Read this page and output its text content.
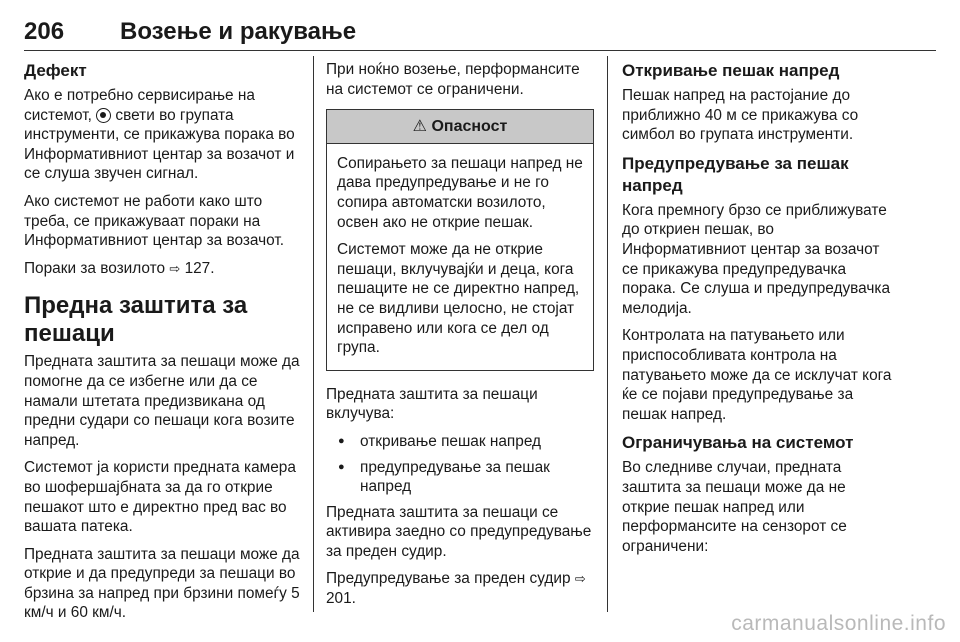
206 Возење и ракување
Дефект

Ако е потребно сервисирање на системот, свети во групата инструменти, се прикажува порака во Информативниот центар за возачот и се слуша звучен сигнал.

Ако системот не работи како што треба, се прикажуваат пораки на Информативниот центар за возачот.

Пораки за возилото ⇨ 127.

Предна заштита за пешаци

Предната заштита за пешаци може да помогне да се избегне или да се намали штетата предизвикана од предни судари со пешаци кога возите напред.

Системот ја користи предната камера во шофершајбната за да го открие пешакот што е директно пред вас во вашата патека.

Предната заштита за пешаци може да открие и да предупреди за пешаци во брзина за напред при брзини помеѓу 5 км/ч и 60 км/ч.

При ноќно возење, перформансите на системот се ограничени.

⚠ Опасност

Сопирањето за пешаци напред не дава предупредување и не го сопира автоматски возилото, освен ако не открие пешак.

Системот може да не открие пешаци, вклучувајќи и деца, кога пешаците не се директно напред, не се видливи целосно, не стојат исправено или кога се дел од група.

Предната заштита за пешаци вклучува:

● откривање пешак напред
● предупредување за пешак напред

Предната заштита за пешаци се активира заедно со предупредување за преден судир.

Предупредување за преден судир ⇨ 201.

Откривање пешак напред

Пешак напред на растојание до приближно 40 м се прикажува со симбол во групата инструменти.

Предупредување за пешак напред

Кога премногу брзо се приближувате до откриен пешак, во Информативниот центар за возачот се прикажува предупредувачка порака. Се слуша и предупредувачка мелодија.

Контролата на патувањето или приспособливата контрола на патувањето може да се исклучат кога ќе се појави предупредување за пешак напред.

Ограничувања на системот

Во следниве случаи, предната заштита за пешаци може да не открие пешак напред или перформансите на сензорот се ограничени:

carmanualsonline.info
